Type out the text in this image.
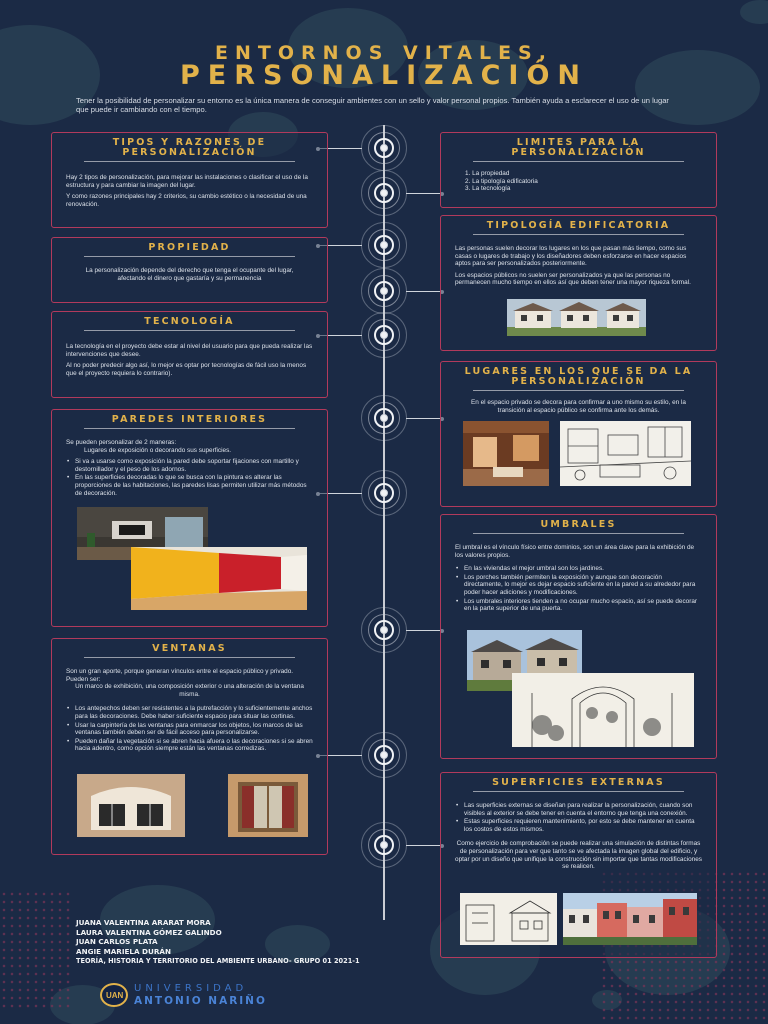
ENTORNOS VITALES,
PERSONALIZACIÓN
Tener la posibilidad de personalizar su entorno es la única manera de conseguir ambientes con un sello y valor personal propios. También ayuda a esclarecer el uso de un lugar que puede ir cambiando con el tiempo.
TIPOS Y RAZONES DE PERSONALIZACIÓN

Hay 2 tipos de personalización, para mejorar las instalaciones o clasificar el uso de la estructura y para cambiar la imagen del lugar.

Y como razones principales hay 2 criterios, su cambio estético o la necesidad de una renovación.

PROPIEDAD

La personalización depende del derecho que tenga el ocupante del lugar, afectando el dinero que gastaría y su permanencia

TECNOLOGÍA

La tecnología en el proyecto debe estar al nivel del usuario para que pueda realizar las intervenciones que desee.

Al no poder predecir algo así, lo mejor es optar por tecnologías de fácil uso la menos que el proyecto requiera lo contrario).

PAREDES INTERIORES

Se pueden personalizar de 2 maneras:

Lugares de exposición o decorando sus superficies.

• Si va a usarse como exposición la pared debe soportar fijaciones con martillo y destornillador y el peso de los adornos.
• En las superficies decoradas lo que se busca con la pintura es alterar las proporciones de las habitaciones, las paredes lisas permiten utilizar más métodos de decoración.
VENTANAS

Son un gran aporte, porque generan vínculos entre el espacio público y privado. Pueden ser:

Un marco de exhibición, una composición exterior o una alteración de la ventana misma.

• Los antepechos deben ser resistentes a la putrefacción y lo suficientemente anchos para las decoraciones. Debe haber suficiente espacio para situar las cortinas.
• Usar la carpintería de las ventanas para enmarcar los objetos, los marcos de las ventanas también deben ser de fácil acceso para personalizarse.
• Pueden dañar la vegetación si se abren hacia afuera o las decoraciones si se abren hacia adentro, como opción siempre están las ventanas corredizas.
LIMITES PARA LA PERSONALIZACIÓN
1. La propiedad
2. La tipología edificatoria
3. La tecnología
TIPOLOGÍA EDIFICATORIA

Las personas suelen decorar los lugares en los que pasan más tiempo, como sus casas o lugares de trabajo y los diseñadores deben esforzarse en hacer espacios aptos para ser personalizados posteriormente.

Los espacios públicos no suelen ser personalizados ya que las personas no permanecen mucho tiempo en ellos así que deben tener una mayor riqueza formal.

LUGARES EN LOS QUE SE DA LA PERSONALIZACIÓN

En el espacio privado se decora para confirmar a uno mismo su estilo, en la transición al espacio público se confirma ante los demás.

UMBRALES

El umbral es el vínculo físico entre dominios, son un área clave para la exhibición de los valores propios.

• En las viviendas el mejor umbral son los jardines.
• Los porches también permiten la exposición y aunque son decoración directamente, lo mejor es dejar espacio suficiente en la pared a su alrededor para poder hacer adiciones y modificaciones.
• Los umbrales interiores tienden a no ocupar mucho espacio, así se puede decorar en la parte superior de una puerta.
SUPERFICIES EXTERNAS
• Las superficies externas se diseñan para realizar la personalización, cuando son visibles al exterior se debe tener en cuenta el entorno que tenga una conexión.
• Estas superficies requieren mantenimiento, por esto se debe mantener en cuenta los costos de estos mismos.

Como ejercicio de comprobación se puede realizar una simulación de distintas formas de personalización para ver que tanto se ve afectada la imagen global del edificio, y optar por un diseño que unifique la construcción sin importar que tantas modificaciones se realicen.

JUANA VALENTINA ARARAT MORA
LAURA VALENTINA GÓMEZ GALINDO
JUAN CARLOS PLATA
ANGIE MARIELA DURÁN
TEORÍA, HISTORIA Y TERRITORIO DEL AMBIENTE URBANO- GRUPO 01 2021-1
UAN
UNIVERSIDAD
ANTONIO NARIÑO
